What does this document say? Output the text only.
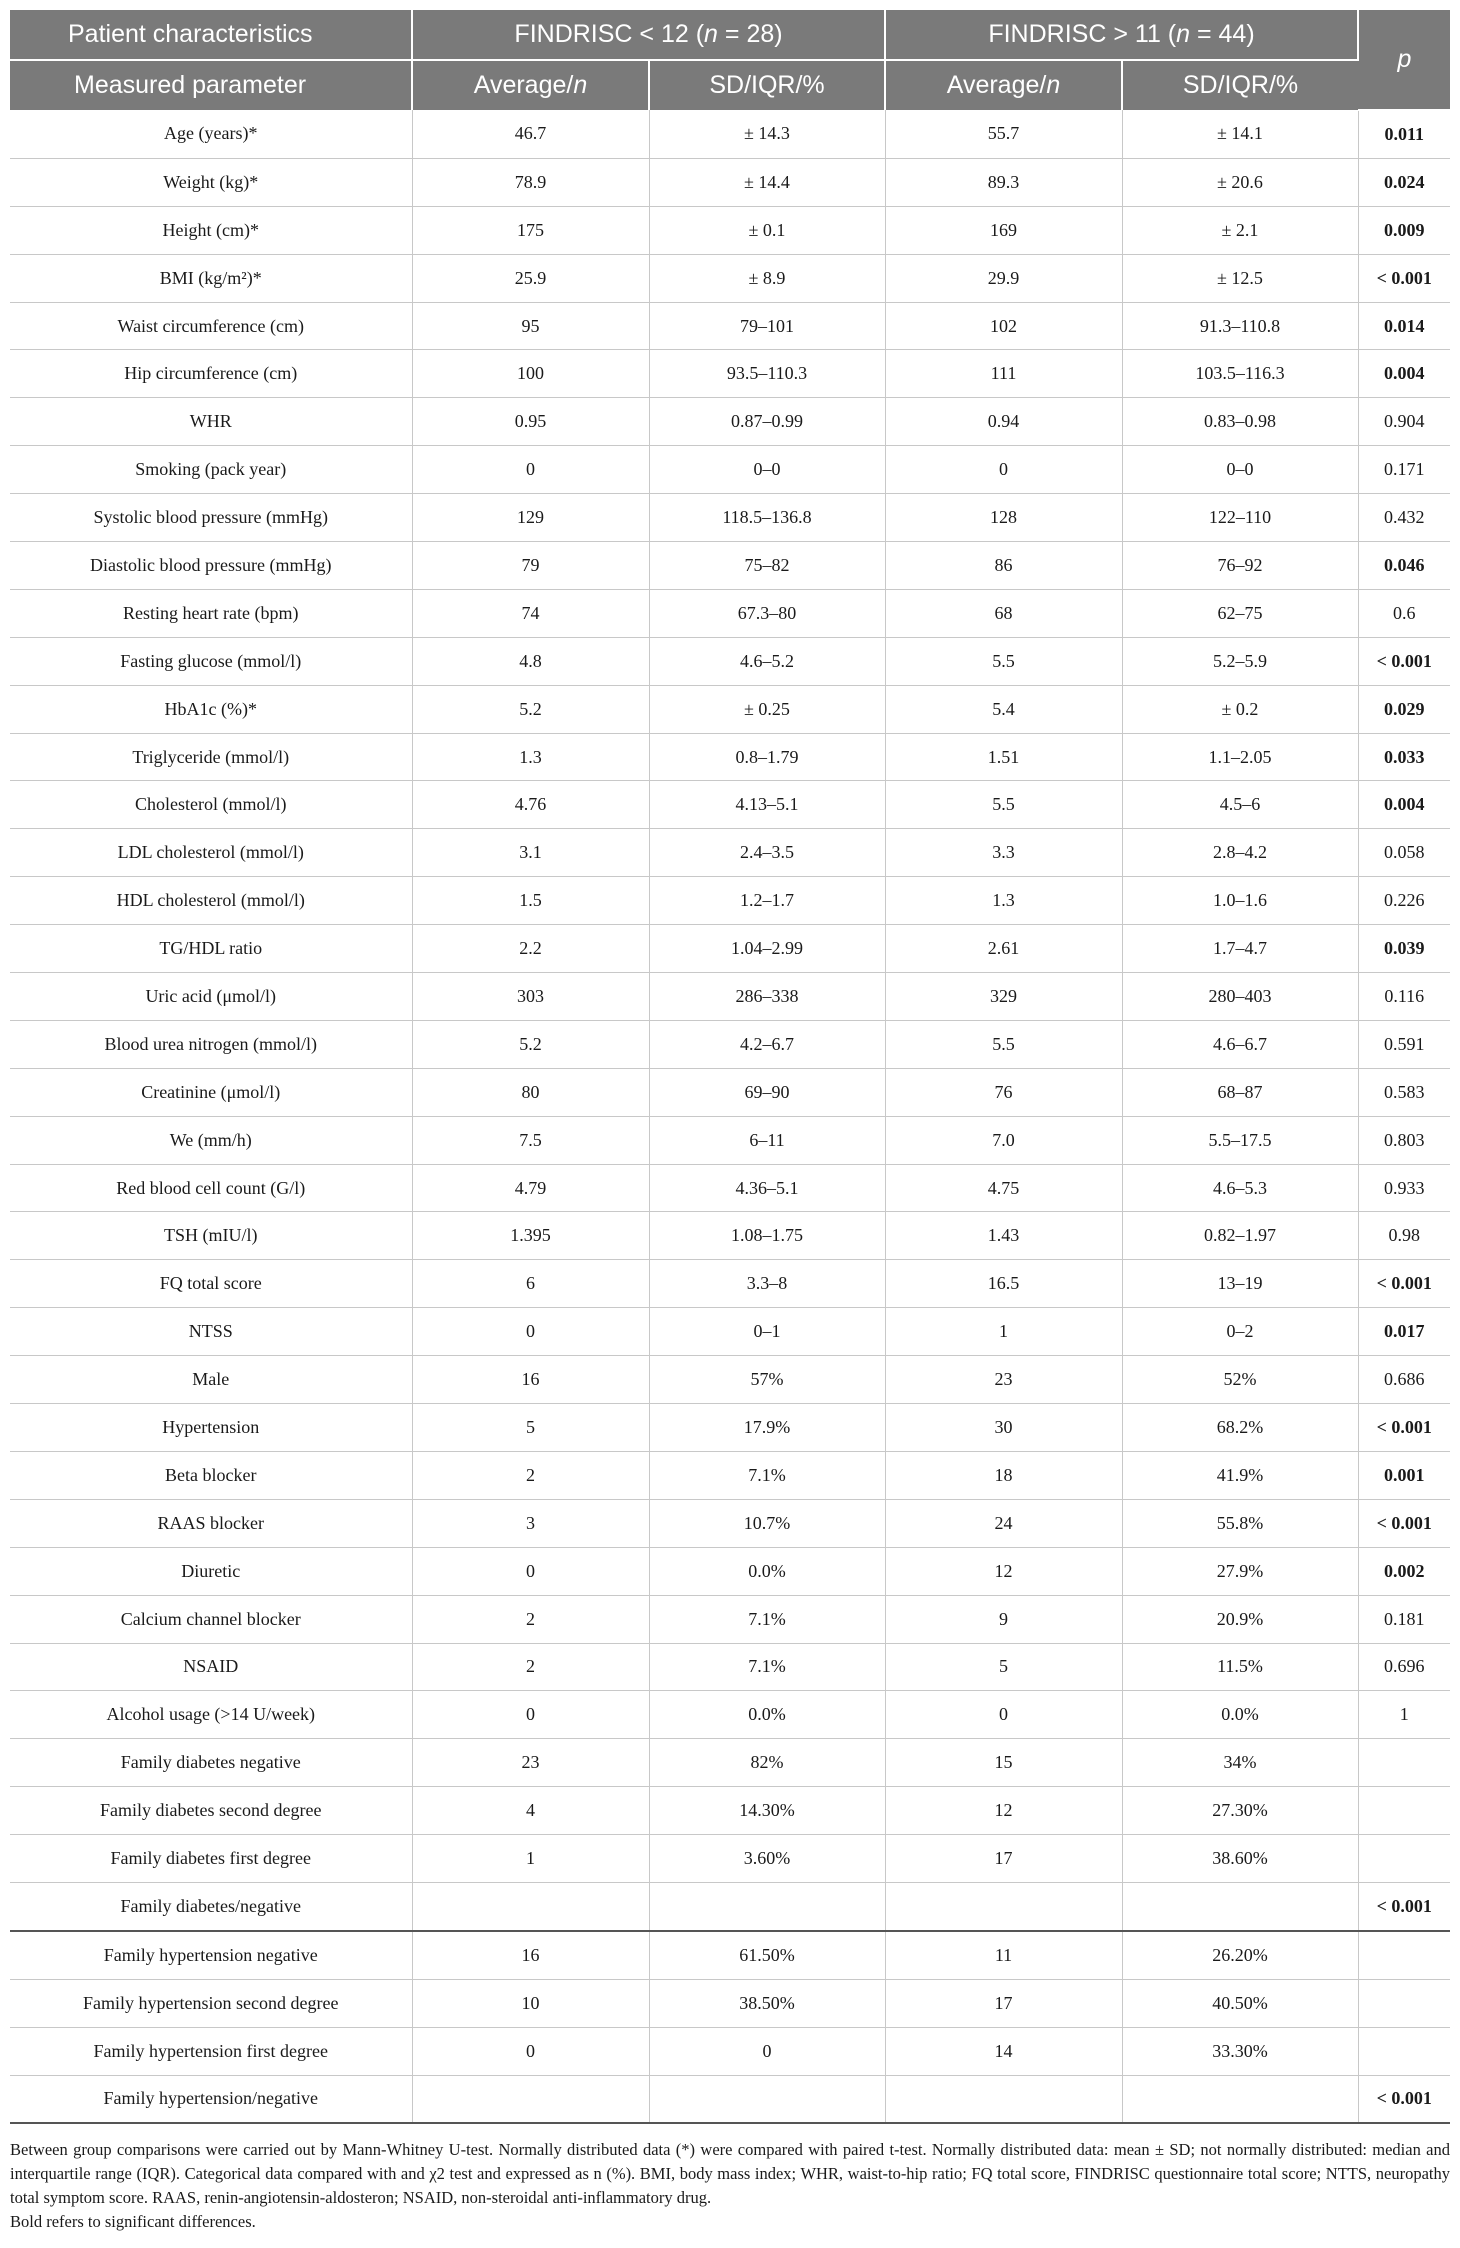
Patient characteristics	FINDRISC < 12 (n = 28)		FINDRISC > 11 (n = 44)		p
Measured parameter	Average/n	SD/IQR/%	Average/n	SD/IQR/%	
Age (years)*	46.7	± 14.3	55.7	± 14.1	0.011
Weight (kg)*	78.9	± 14.4	89.3	± 20.6	0.024
Height (cm)*	175	± 0.1	169	± 2.1	0.009
BMI (kg/m²)*	25.9	± 8.9	29.9	± 12.5	< 0.001
Waist circumference (cm)	95	79–101	102	91.3–110.8	0.014
Hip circumference (cm)	100	93.5–110.3	111	103.5–116.3	0.004
WHR	0.95	0.87–0.99	0.94	0.83–0.98	0.904
Smoking (pack year)	0	0–0	0	0–0	0.171
Systolic blood pressure (mmHg)	129	118.5–136.8	128	122–110	0.432
Diastolic blood pressure (mmHg)	79	75–82	86	76–92	0.046
Resting heart rate (bpm)	74	67.3–80	68	62–75	0.6
Fasting glucose (mmol/l)	4.8	4.6–5.2	5.5	5.2–5.9	< 0.001
HbA1c (%)*	5.2	± 0.25	5.4	± 0.2	0.029
Triglyceride (mmol/l)	1.3	0.8–1.79	1.51	1.1–2.05	0.033
Cholesterol (mmol/l)	4.76	4.13–5.1	5.5	4.5–6	0.004
LDL cholesterol (mmol/l)	3.1	2.4–3.5	3.3	2.8–4.2	0.058
HDL cholesterol (mmol/l)	1.5	1.2–1.7	1.3	1.0–1.6	0.226
TG/HDL ratio	2.2	1.04–2.99	2.61	1.7–4.7	0.039
Uric acid (μmol/l)	303	286–338	329	280–403	0.116
Blood urea nitrogen (mmol/l)	5.2	4.2–6.7	5.5	4.6–6.7	0.591
Creatinine (μmol/l)	80	69–90	76	68–87	0.583
We (mm/h)	7.5	6–11	7.0	5.5–17.5	0.803
Red blood cell count (G/l)	4.79	4.36–5.1	4.75	4.6–5.3	0.933
TSH (mIU/l)	1.395	1.08–1.75	1.43	0.82–1.97	0.98
FQ total score	6	3.3–8	16.5	13–19	< 0.001
NTSS	0	0–1	1	0–2	0.017
Male	16	57%	23	52%	0.686
Hypertension	5	17.9%	30	68.2%	< 0.001
Beta blocker	2	7.1%	18	41.9%	0.001
RAAS blocker	3	10.7%	24	55.8%	< 0.001
Diuretic	0	0.0%	12	27.9%	0.002
Calcium channel blocker	2	7.1%	9	20.9%	0.181
NSAID	2	7.1%	5	11.5%	0.696
Alcohol usage (>14 U/week)	0	0.0%	0	0.0%	1
Family diabetes negative	23	82%	15	34%	
Family diabetes second degree	4	14.30%	12	27.30%	
Family diabetes first degree	1	3.60%	17	38.60%	
Family diabetes/negative					< 0.001
Family hypertension negative	16	61.50%	11	26.20%	
Family hypertension second degree	10	38.50%	17	40.50%	
Family hypertension first degree	0	0	14	33.30%	
Family hypertension/negative					< 0.001
Between group comparisons were carried out by Mann-Whitney U-test. Normally distributed data (*) were compared with paired t-test. Normally distributed data: mean ± SD; not normally distributed: median and interquartile range (IQR). Categorical data compared with and χ2 test and expressed as n (%). BMI, body mass index; WHR, waist-to-hip ratio; FQ total score, FINDRISC questionnaire total score; NTTS, neuropathy total symptom score. RAAS, renin-angiotensin-aldosteron; NSAID, non-steroidal anti-inflammatory drug.
Bold refers to significant differences.
